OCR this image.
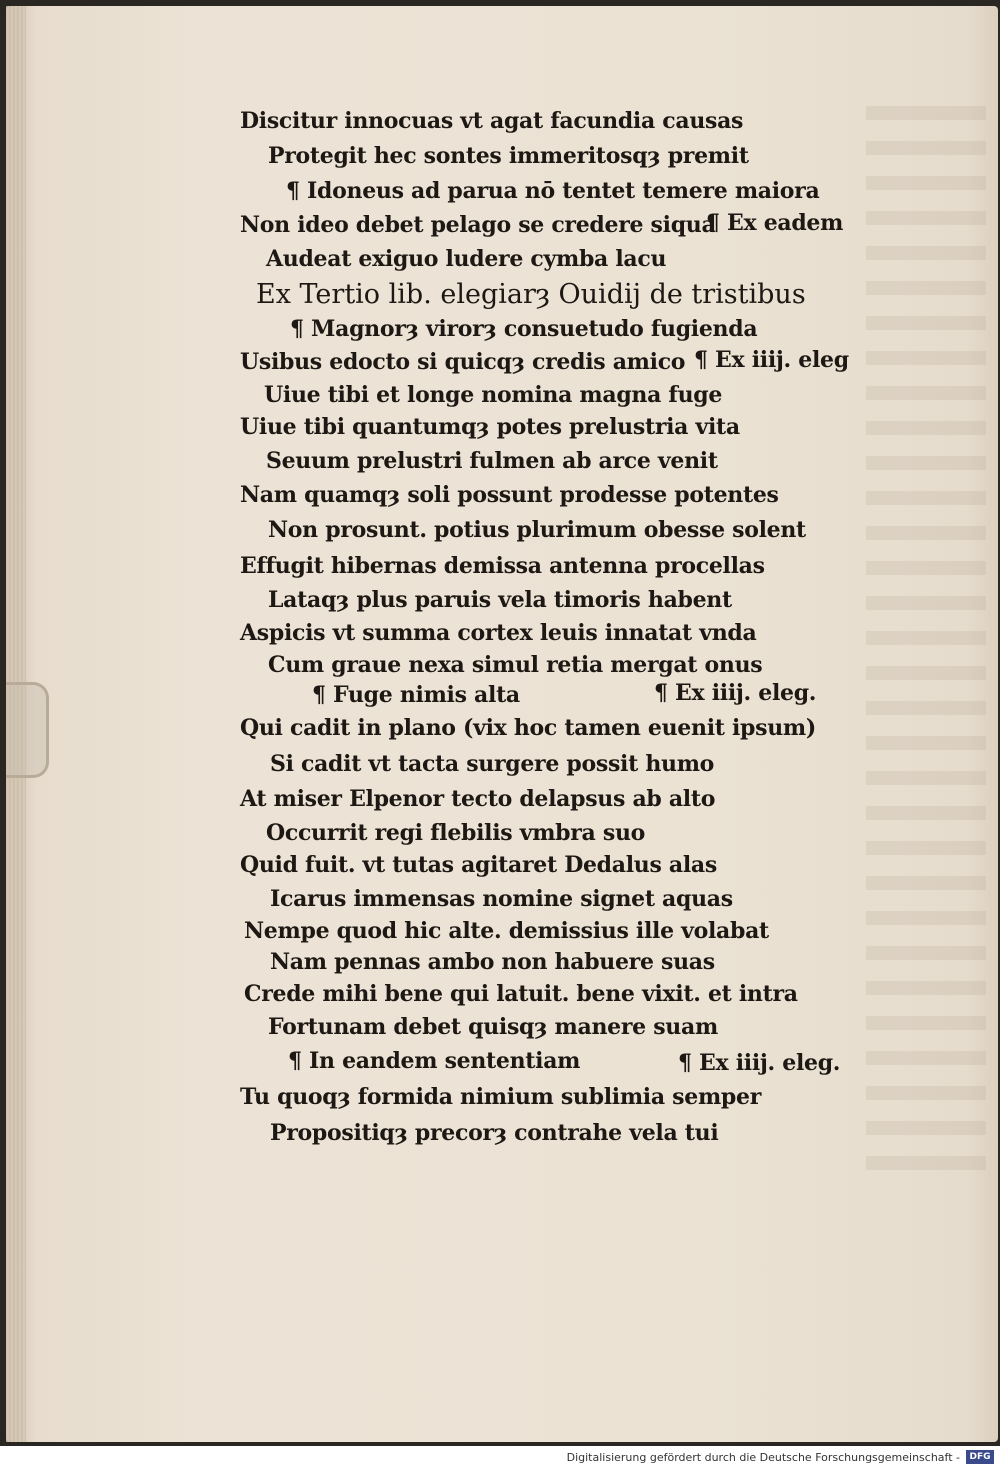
Discitur innocuas vt agat facundia causas
Protegit hec sontes immeritosqȝ premit
¶ Idoneus ad parua nō tentet temere maiora
Non ideo debet pelago se credere siqua
¶ Ex eadem
Audeat exiguo ludere cymba lacu
Ex Tertio lib. elegiarȝ Ouidij de tristibus
¶ Magnorȝ virorȝ consuetudo fugienda
Usibus edocto si quicqȝ credis amico ¶ Ex iiij. eleg
Uiue tibi et longe nomina magna fuge
Uiue tibi quantumqȝ potes prelustria vita
Seuum prelustri fulmen ab arce venit
Nam quamqȝ soli possunt prodesse potentes
Non prosunt. potius plurimum obesse solent
Effugit hibernas demissa antenna procellas
Lataqȝ plus paruis vela timoris habent
Aspicis vt summa cortex leuis innatat vnda
Cum graue nexa simul retia mergat onus
¶ Fuge nimis alta	¶ Ex iiij. eleg.
Qui cadit in plano (vix hoc tamen euenit ipsum)
Si cadit vt tacta surgere possit humo
At miser Elpenor tecto delapsus ab alto
Occurrit regi flebilis vmbra suo
Quid fuit. vt tutas agitaret Dedalus alas
Icarus immensas nomine signet aquas
Nempe quod hic alte. demissius ille volabat
Nam pennas ambo non habuere suas
Crede mihi bene qui latuit. bene vixit. et intra
Fortunam debet quisqȝ manere suam
¶ In eandem sententiam	¶ Ex iiij. eleg.
Tu quoqȝ formida nimium sublimia semper
Propositiqȝ precorȝ contrahe vela tui
Digitalisierung gefördert durch die Deutsche Forschungsgemeinschaft -	DFG
